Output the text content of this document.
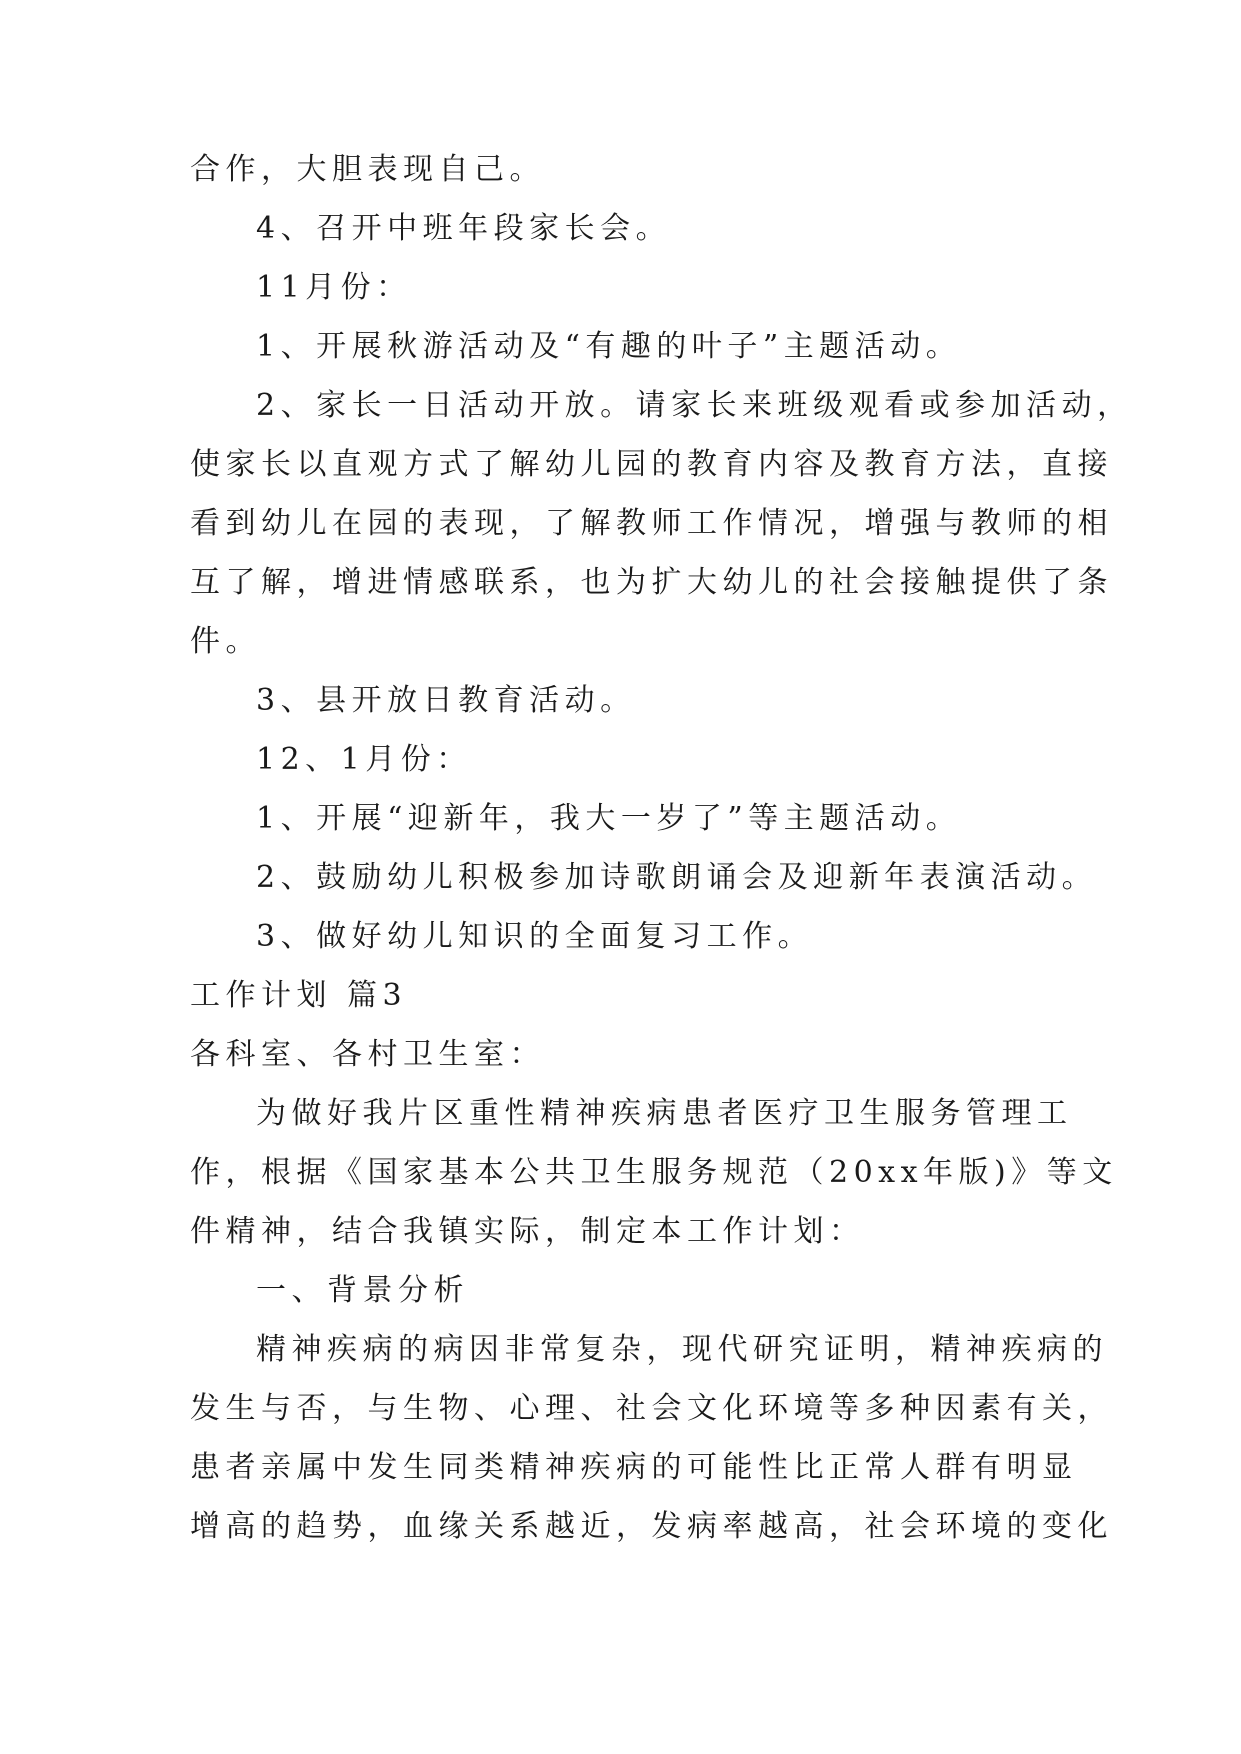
合作，大胆表现自己。
4、召开中班年段家长会。
11月份：
1、开展秋游活动及“有趣的叶子”主题活动。
2、家长一日活动开放。请家长来班级观看或参加活动，
使家长以直观方式了解幼儿园的教育内容及教育方法，直接
看到幼儿在园的表现，了解教师工作情况，增强与教师的相
互了解，增进情感联系，也为扩大幼儿的社会接触提供了条
件。
3、县开放日教育活动。
12、1月份：
1、开展“迎新年，我大一岁了”等主题活动。
2、鼓励幼儿积极参加诗歌朗诵会及迎新年表演活动。
3、做好幼儿知识的全面复习工作。
工作计划 篇3
各科室、各村卫生室：
为做好我片区重性精神疾病患者医疗卫生服务管理工
作，根据《国家基本公共卫生服务规范（20xx年版)》等文
件精神，结合我镇实际，制定本工作计划：
一、背景分析
精神疾病的病因非常复杂，现代研究证明，精神疾病的
发生与否，与生物、心理、社会文化环境等多种因素有关，
患者亲属中发生同类精神疾病的可能性比正常人群有明显
增高的趋势，血缘关系越近，发病率越高，社会环境的变化
